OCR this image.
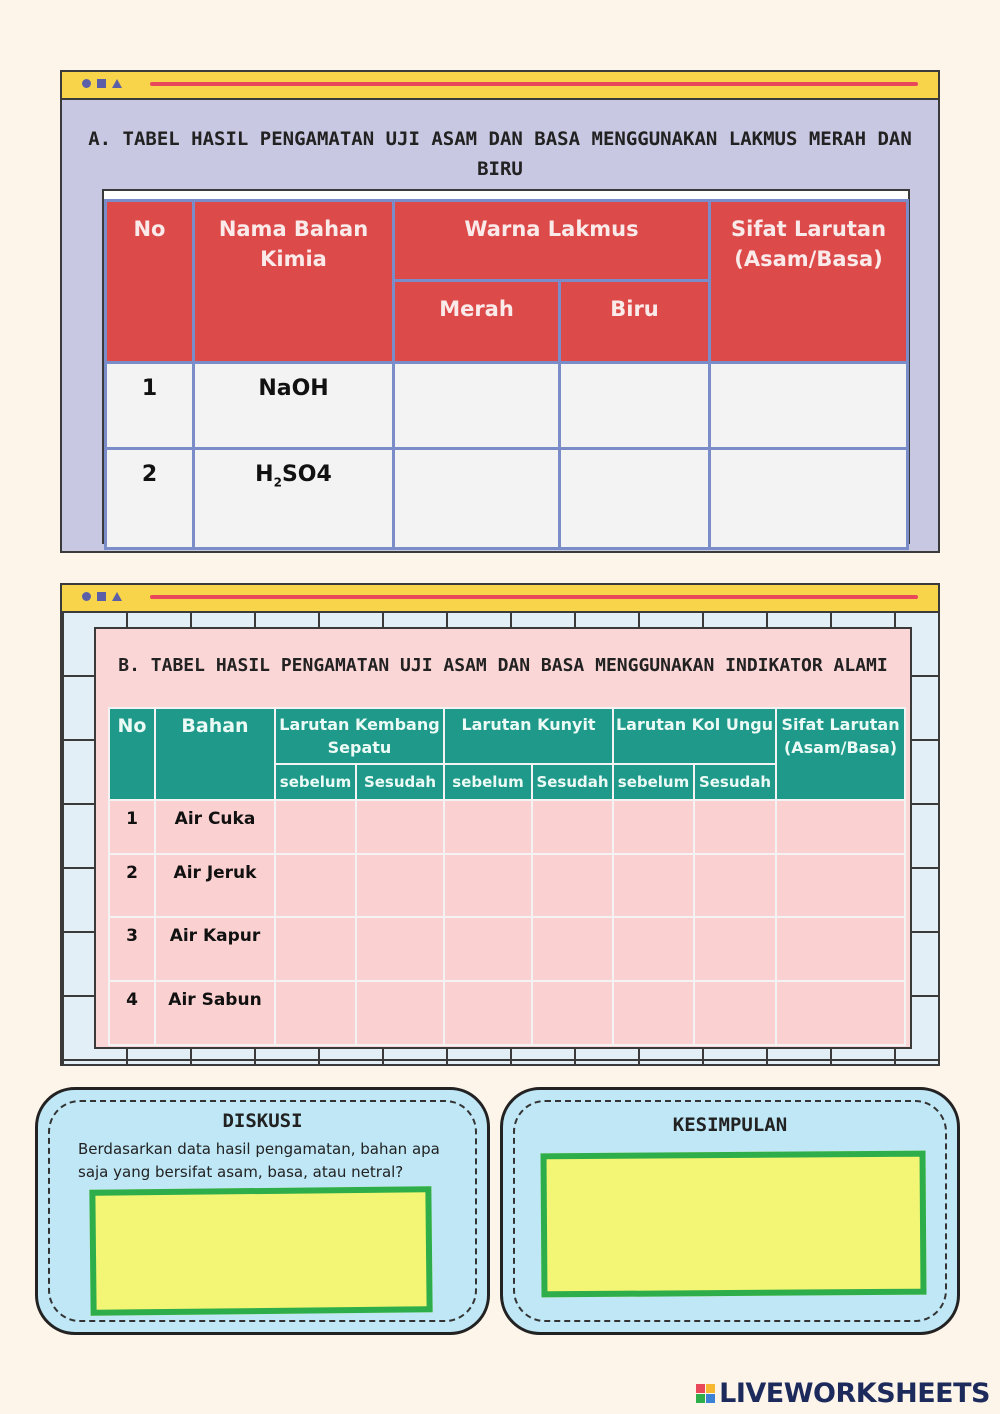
A. TABEL HASIL PENGAMATAN UJI ASAM DAN BASA MENGGUNAKAN LAKMUS MERAH DAN BIRU
No	Nama Bahan Kimia	Warna Lakmus		Sifat Larutan (Asam/Basa)
		Merah	Biru	
1	NaOH			
2	$H_2SO4$			
B. TABEL HASIL PENGAMATAN UJI ASAM DAN BASA MENGGUNAKAN INDIKATOR ALAMI
No	Bahan	Larutan Kembang Sepatu		Larutan Kunyit		Larutan Kol Ungu		Sifat Larutan (Asam/Basa)
		sebelum	Sesudah	sebelum	Sesudah	sebelum	Sesudah	
1	Air Cuka							
2	Air Jeruk							
3	Air Kapur							
4	Air Sabun							
DISKUSI
Berdasarkan data hasil pengamatan, bahan apa saja yang bersifat asam, basa, atau netral?
KESIMPULAN
LIVEWORKSHEETS
